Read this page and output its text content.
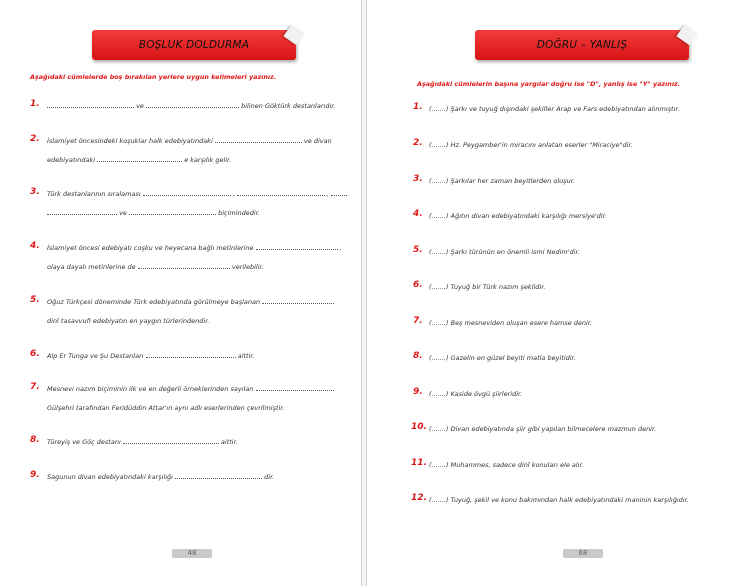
BOŞLUK DOLDURMA
Aşağıdaki cümlelerde boş bırakılan yerlere uygun kelimeleri yazınız.
1.	ve	bilinen Göktürk destanlarıdır.
2. İslamiyet öncesindeki koşuklar halk edebiyatındaki	ve divan
edebiyatındaki	e karşılık gelir.
3. Türk destanlarının sıralaması	,	,
ve	biçimindedir.
4. İslamiyet öncesi edebiyatı coşku ve heyecana bağlı metinlerine	,
olaya dayalı metinlerine de	verilebilir.
5. Oğuz Türkçesi döneminde Türk edebiyatında görülmeye başlanan
dinî tasavvufi edebiyatın en yaygın türlerindendir.
6. Alp Er Tunga ve Şu Destanları	aittir.
7. Mesnevi nazım biçiminin ilk ve en değerli örneklerinden sayılan
Gülşehri tarafından Feridüddin Attar'ın aynı adlı eserlerinden çevrilmiştir.
8. Türeyiş ve Göç destanı	aittir.
9. Sagunun divan edebiyatındaki karşılığı	dir.
48
DOĞRU – YANLIŞ
Aşağıdaki cümlelerin başına yargılar doğru ise "D", yanlış ise "Y" yazınız.
1. (.......) Şarkı ve tuyuğ dışındaki şekiller Arap ve Fars edebiyatından alınmıştır.
2. (.......) Hz. Peygamber'in miracını anlatan eserler "Miraciye"dir.
3. (.......) Şarkılar her zaman beyitlerden oluşur.
4. (.......) Ağıtın divan edebiyatındaki karşılığı mersiye'dir.
5. (.......) Şarkı türünün en önemli ismi Nedim'dir.
6. (.......) Tuyuğ bir Türk nazım şeklidir.
7. (.......) Beş mesneviden oluşan esere hamse denir.
8. (.......) Gazelin en güzel beyiti matla beyitidir.
9. (.......) Kaside övgü şiirleridir.
10. (.......) Divan edebiyatında şiir gibi yapılan bilmecelere mazmun denir.
11. (.......) Muhammes, sadece dinî konuları ele alır.
12. (.......) Tuyuğ, şekil ve konu bakımından halk edebiyatındaki maninin karşılığıdır.
68
